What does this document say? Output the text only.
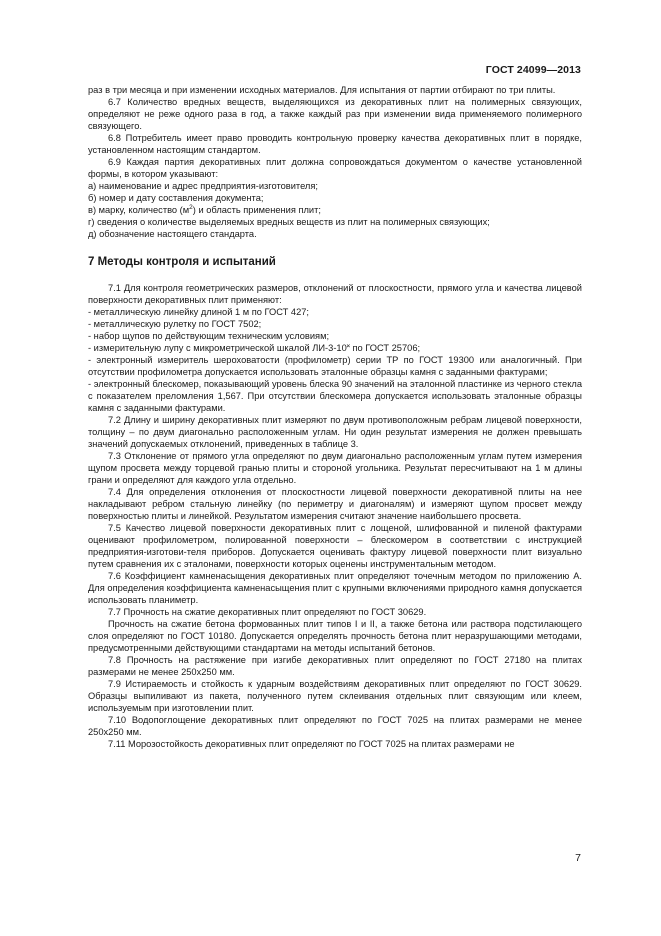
ГОСТ 24099—2013

раз в три месяца и при изменении исходных материалов. Для испытания от партии отбирают по три плиты.

6.7 Количество вредных веществ, выделяющихся из декоративных плит на полимерных связующих, определяют не реже одного раза в год, а также каждый раз при изменении вида применяемого полимерного связующего.

6.8 Потребитель имеет право проводить контрольную проверку качества декоративных плит в порядке, установленном настоящим стандартом.

6.9 Каждая партия декоративных плит должна сопровождаться документом о качестве установленной формы, в котором указывают:

а) наименование и адрес предприятия-изготовителя;

б) номер и дату составления документа;

в) марку, количество $(м^2)$ и область применения плит;

г) сведения о количестве выделяемых вредных веществ из плит на полимерных связующих;

д) обозначение настоящего стандарта.

7 Методы контроля и испытаний

7.1 Для контроля геометрических размеров, отклонений от плоскостности, прямого угла и качества лицевой поверхности декоративных плит применяют:

- металлическую линейку длиной 1 м по ГОСТ 427;

- металлическую рулетку по ГОСТ 7502;

- набор щупов по действующим техническим условиям;

- измерительную лупу с микрометрической шкалой ЛИ-3-10˟ по ГОСТ 25706;

- электронный измеритель шероховатости (профилометр) серии ТР по ГОСТ 19300 или аналогичный. При отсутствии профилометра допускается использовать эталонные образцы камня с заданными фактурами;

- электронный блескомер, показывающий уровень блеска 90 значений на эталонной пластинке из черного стекла с показателем преломления 1,567. При отсутствии блескомера допускается использовать эталонные образцы камня с заданными фактурами.

7.2 Длину и ширину декоративных плит измеряют по двум противоположным ребрам лицевой поверхности, толщину – по двум диагонально расположенным углам. Ни один результат измерения не должен превышать значений допускаемых отклонений, приведенных в таблице 3.

7.3 Отклонение от прямого угла определяют по двум диагонально расположенным углам путем измерения щупом просвета между торцевой гранью плиты и стороной угольника. Результат пересчитывают на 1 м длины грани и определяют для каждого угла отдельно.

7.4 Для определения отклонения от плоскостности лицевой поверхности декоративной плиты на нее накладывают ребром стальную линейку (по периметру и диагоналям) и измеряют щупом просвет между поверхностью плиты и линейкой. Результатом измерения считают значение наибольшего просвета.

7.5 Качество лицевой поверхности декоративных плит с лощеной, шлифованной и пиленой фактурами оценивают профилометром, полированной поверхности – блескомером в соответствии с инструкцией предприятия-изготови-теля приборов. Допускается оценивать фактуру лицевой поверхности плит визуально путем сравнения их с эталонами, поверхности которых оценены инструментальным методом.

7.6 Коэффициент камненасыщения декоративных плит определяют точечным методом по приложению А. Для определения коэффициента камненасыщения плит с крупными включениями природного камня допускается использовать планиметр.

7.7 Прочность на сжатие декоративных плит определяют по ГОСТ 30629.

Прочность на сжатие бетона формованных плит типов I и II, а также бетона или раствора подстилающего слоя определяют по ГОСТ 10180. Допускается определять прочность бетона плит неразрушающими методами, предусмотренными действующими стандартами на методы испытаний бетонов.

7.8 Прочность на растяжение при изгибе декоративных плит определяют по ГОСТ 27180 на плитах размерами не менее 250х250 мм.

7.9 Истираемость и стойкость к ударным воздействиям декоративных плит определяют по ГОСТ 30629. Образцы выпиливают из пакета, полученного путем склеивания отдельных плит связующим или клеем, используемым при изготовлении плит.

7.10 Водопоглощение декоративных плит определяют по ГОСТ 7025 на плитах размерами не менее 250х250 мм.

7.11 Морозостойкость декоративных плит определяют по ГОСТ 7025 на плитах размерами не

7
